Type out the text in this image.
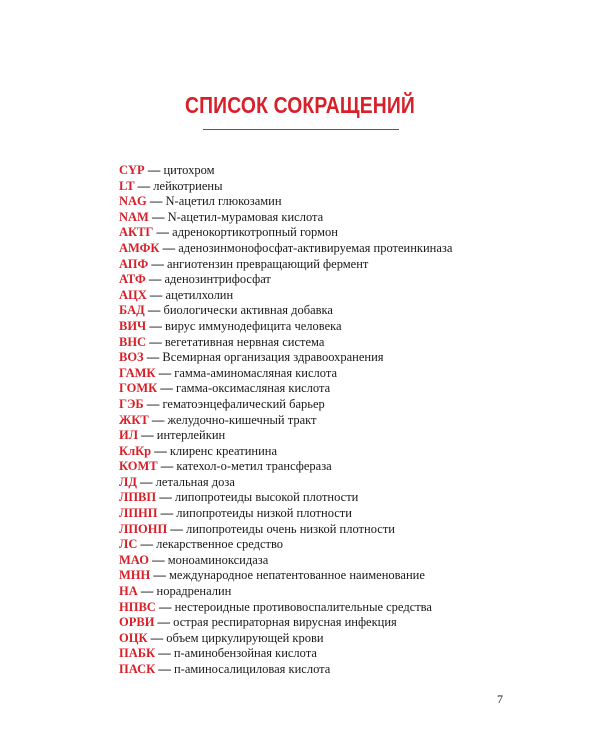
СПИСОК СОКРАЩЕНИЙ
CYP — цитохром
LT — лейкотриены
NAG — N-ацетил глюкозамин
NAM — N-ацетил-мурамовая кислота
АКТГ — адренокортикотропный гормон
АМФК — аденозинмонофосфат-активируемая протеинкиназа
АПФ — ангиотензин превращающий фермент
АТФ — аденозинтрифосфат
АЦХ — ацетилхолин
БАД — биологически активная добавка
ВИЧ — вирус иммунодефицита человека
ВНС — вегетативная нервная система
ВОЗ — Всемирная организация здравоохранения
ГАМК — гамма-аминомасляная кислота
ГОМК — гамма-оксимасляная кислота
ГЭБ — гематоэнцефалический барьер
ЖКТ — желудочно-кишечный тракт
ИЛ — интерлейкин
КлКр — клиренс креатинина
КОМТ — катехол-о-метил трансфераза
ЛД — летальная доза
ЛПВП — липопротеиды высокой плотности
ЛПНП — липопротеиды низкой плотности
ЛПОНП — липопротеиды очень низкой плотности
ЛС — лекарственное средство
МАО — моноаминоксидаза
МНН — международное непатентованное наименование
НА — норадреналин
НПВС — нестероидные противовоспалительные средства
ОРВИ — острая респираторная вирусная инфекция
ОЦК — объем циркулирующей крови
ПАБК — п-аминобензойная кислота
ПАСК — п-аминосалициловая кислота
7
